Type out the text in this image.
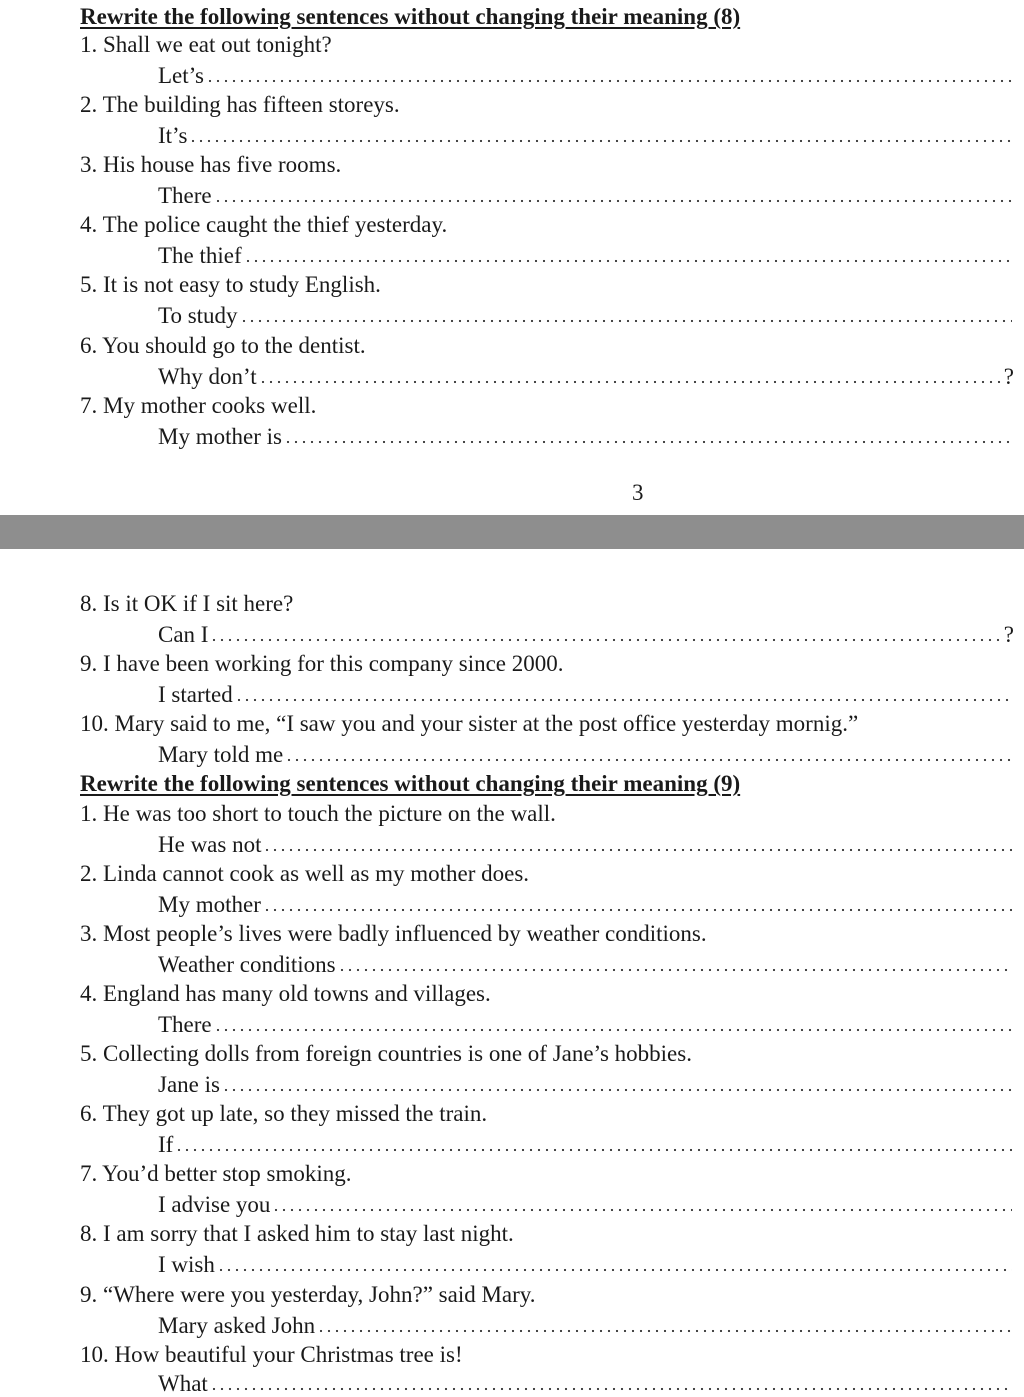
Rewrite the following sentences without changing their meaning (8)
1. Shall we eat out tonight?
Let’s
2. The building has fifteen storeys.
It’s
3. His house has five rooms.
There
4. The police caught the thief yesterday.
The thief
5. It is not easy to study English.
To study
6. You should go to the dentist.
Why don’t	?
7. My mother cooks well.
My mother is
3
8. Is it OK if I sit here?
Can I	?
9. I have been working for this company since 2000.
I started
10. Mary said to me, “I saw you and your sister at the post office yesterday mornig.”
Mary told me
Rewrite the following sentences without changing their meaning (9)
1. He was too short to touch the picture on the wall.
He was not
2. Linda cannot cook as well as my mother does.
My mother
3. Most people’s lives were badly influenced by weather conditions.
Weather conditions
4. England has many old towns and villages.
There
5. Collecting dolls from foreign countries is one of Jane’s hobbies.
Jane is
6. They got up late, so they missed the train.
If
7. You’d better stop smoking.
I advise you
8. I am sorry that I asked him to stay last night.
I wish
9. “Where were you yesterday, John?” said Mary.
Mary asked John
10. How beautiful your Christmas tree is!
What
